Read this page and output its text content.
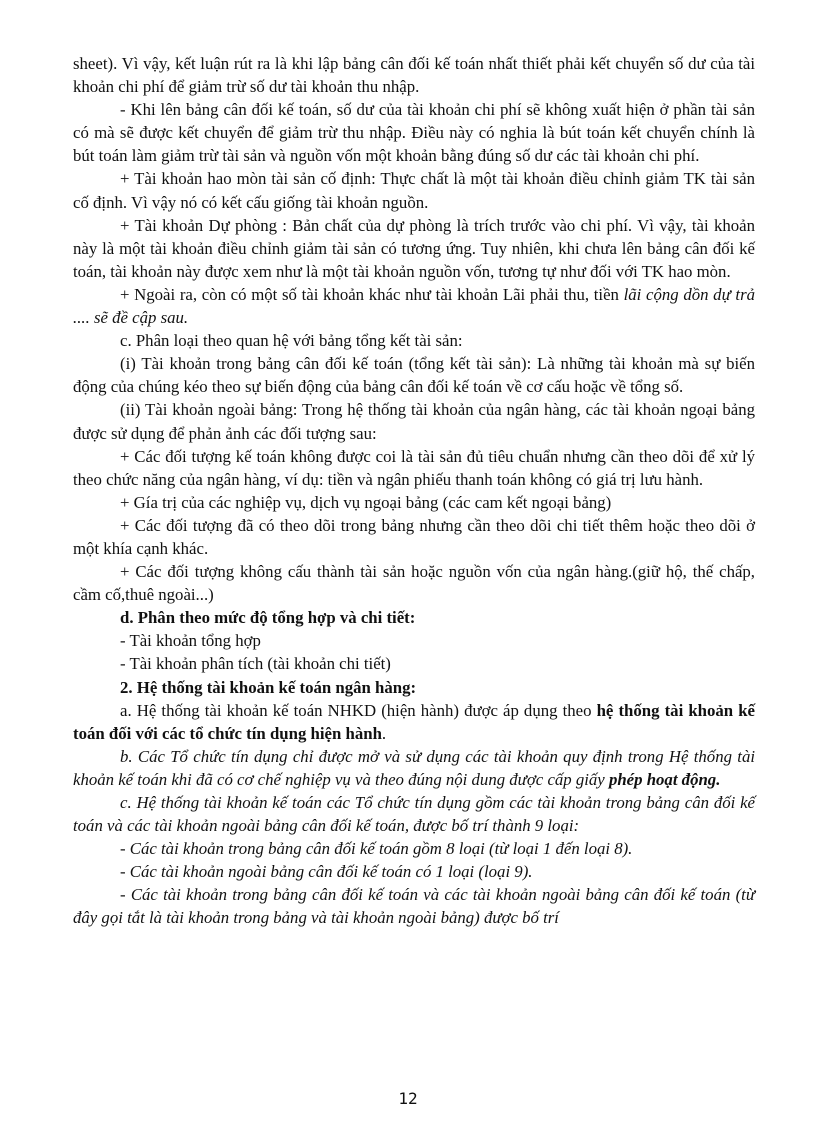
sheet). Vì vậy, kết luận rút ra là khi lập bảng cân đối kế toán nhất thiết phải kết chuyển số dư của tài khoản chi phí để giảm trừ số dư tài khoản thu nhập.

- Khi lên bảng cân đối kế toán, số dư của tài khoản chi phí sẽ không xuất hiện ở phần tài sản có mà sẽ được kết chuyển để giảm trừ thu nhập. Điều này có nghia là bút toán kết chuyển chính là bút toán làm giảm trừ tài sản và nguồn vốn một khoản bằng đúng số dư các tài khoản chi phí.

+ Tài khoản hao mòn tài sản cố định: Thực chất là một tài khoản điều chỉnh giảm TK tài sản cố định. Vì vậy nó có kết cấu giống tài khoản nguồn.

+ Tài khoản Dự phòng : Bản chất của dự phòng là trích trước vào chi phí. Vì vậy, tài khoản này là một tài khoản điều chỉnh giảm tài sản có tương ứng. Tuy nhiên, khi chưa lên bảng cân đối kế toán, tài khoản này được xem như là một tài khoản nguồn vốn, tương tự như đối với TK hao mòn.

+ Ngoài ra, còn có một số tài khoản khác như tài khoản Lãi phải thu, tiền lãi cộng dồn dự trả .... sẽ đề cập sau.

c. Phân loại theo quan hệ với bảng tổng kết tài sản:

(i) Tài khoản trong bảng cân đối kế toán (tổng kết tài sản): Là những tài khoản mà sự biến động của chúng kéo theo sự biến động của bảng cân đối kế toán về cơ cấu hoặc về tổng số.

(ii) Tài khoản ngoài bảng: Trong hệ thống tài khoản của ngân hàng, các tài khoản ngoại bảng được sử dụng để phản ảnh các đối tượng sau:

+ Các đối tượng kế toán không được coi là tài sản đủ tiêu chuẩn nhưng cần theo dõi để xử lý theo chức năng của ngân hàng, ví dụ: tiền và ngân phiếu thanh toán không có giá trị lưu hành.

+ Gía trị của các nghiệp vụ, dịch vụ ngoại bảng (các cam kết ngoại bảng)

+ Các đối tượng đã có theo dõi trong bảng nhưng cần theo dõi chi tiết thêm hoặc theo dõi ở một khía cạnh khác.

+ Các đối tượng không cấu thành tài sản hoặc nguồn vốn của ngân hàng.(giữ hộ, thế chấp, cầm cố,thuê ngoài...)

d. Phân theo mức độ tổng hợp và chi tiết:

- Tài khoản tổng hợp

- Tài khoản phân tích (tài khoản chi tiết)

2. Hệ thống tài khoản kế toán ngân hàng:

a. Hệ thống tài khoản kế toán NHKD (hiện hành) được áp dụng theo hệ thống tài khoản kế toán đối với các tổ chức tín dụng hiện hành.

b. Các Tổ chức tín dụng chỉ được mở và sử dụng các tài khoản quy định trong Hệ thống tài khoản kế toán khi đã có cơ chế nghiệp vụ và theo đúng nội dung được cấp giấy phép hoạt động.

c. Hệ thống tài khoản kế toán các Tổ chức tín dụng gồm các tài khoản trong bảng cân đối kế toán và các tài khoản ngoài bảng cân đối kế toán, được bố trí thành 9 loại:

- Các tài khoản trong bảng cân đối kế toán gồm 8 loại (từ loại 1 đến loại 8).

- Các tài khoản ngoài bảng cân đối kế toán có 1 loại (loại 9).

- Các tài khoản trong bảng cân đối kế toán và các tài khoản ngoài bảng cân đối kế toán (từ đây gọi tắt là tài khoản trong bảng và tài khoản ngoài bảng) được bố trí

12
